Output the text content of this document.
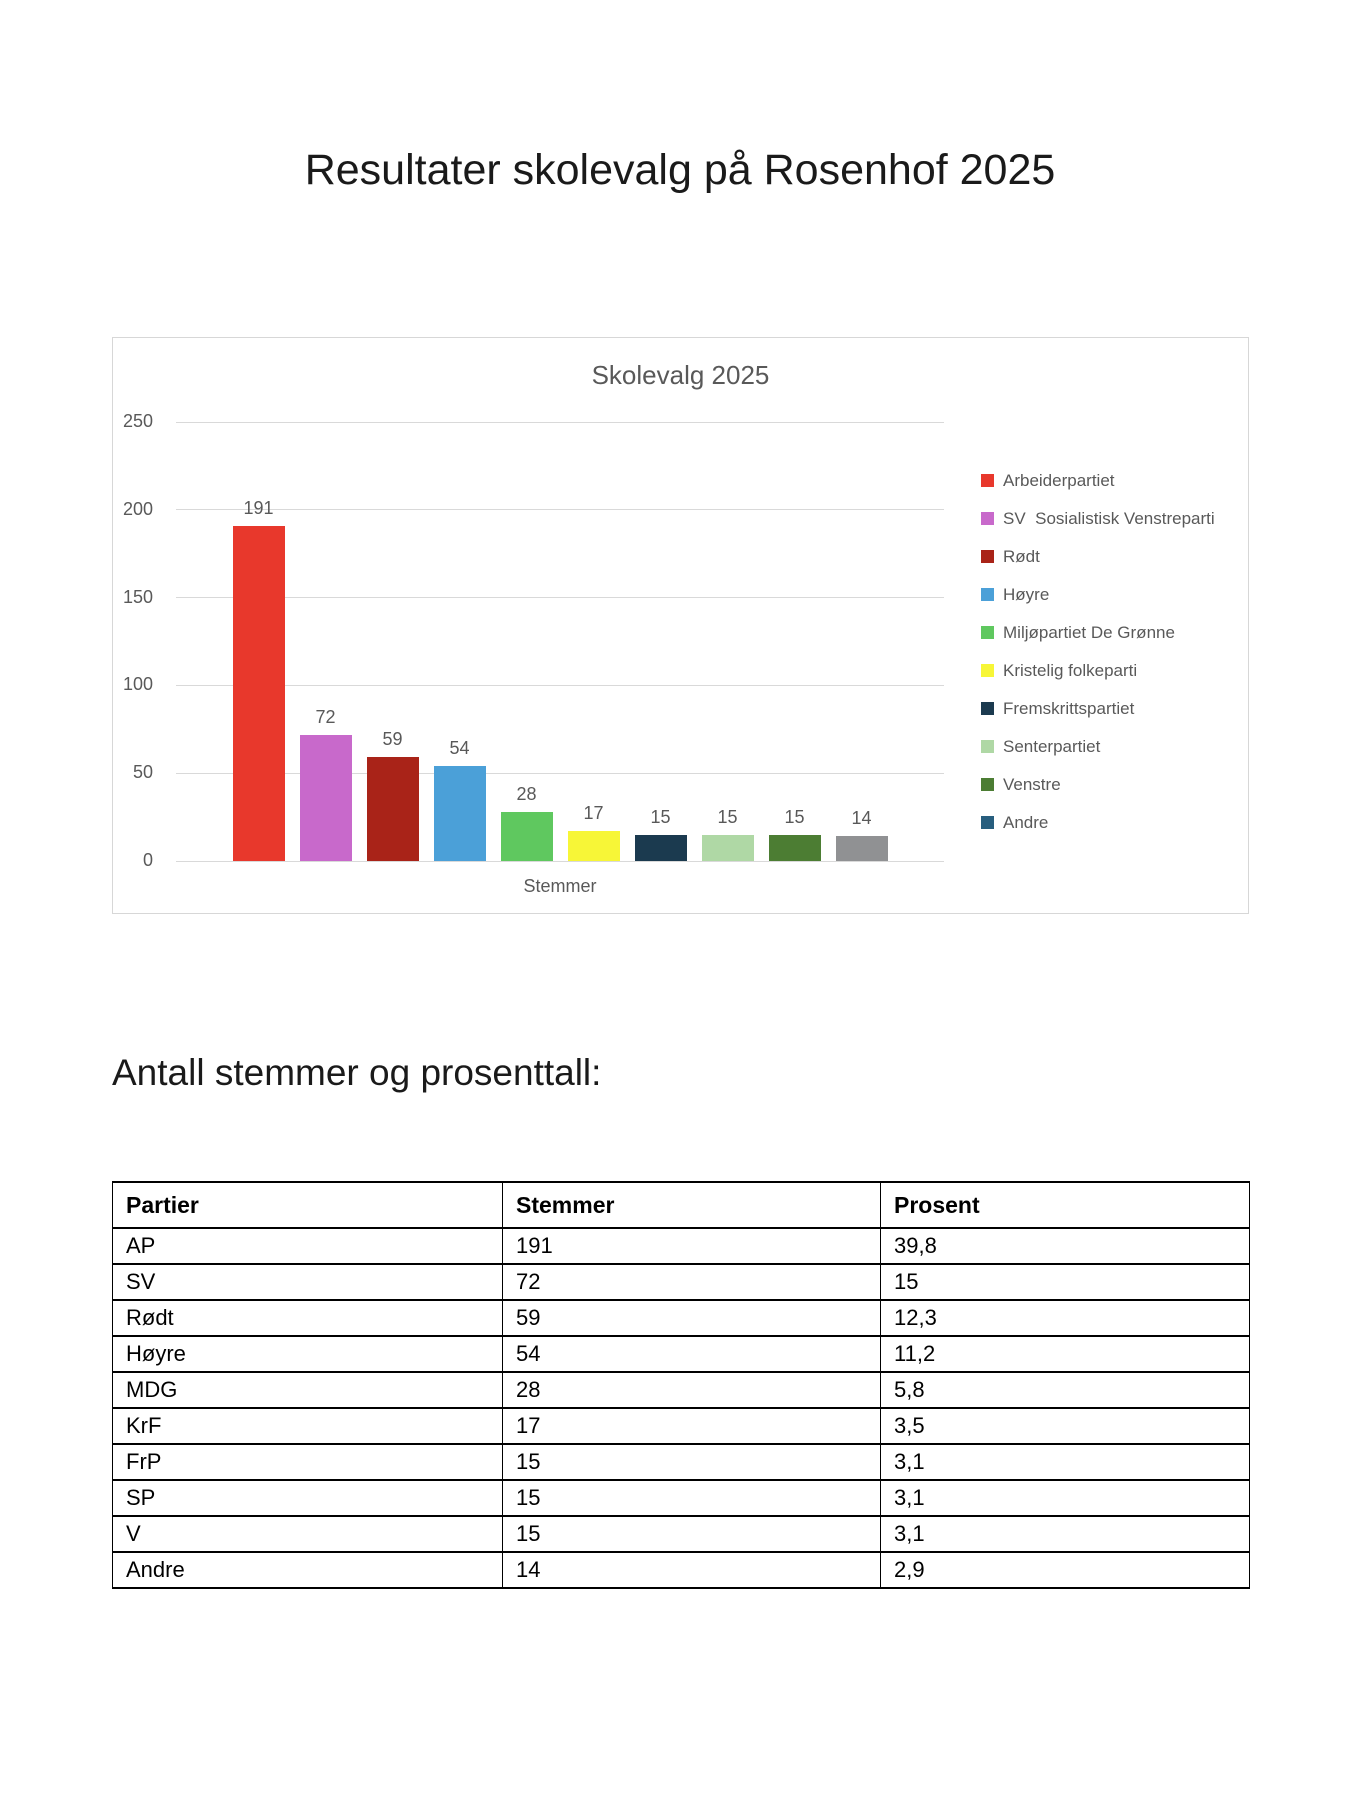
Resultater skolevalg på Rosenhof 2025
Skolevalg 2025
0
50
100
150
200
250
191
72
59	54
28
17	15	15	15	14
Stemmer
Arbeiderpartiet
SV  Sosialistisk Venstreparti
Rødt
Høyre
Miljøpartiet De Grønne
Kristelig folkeparti
Fremskrittspartiet
Senterpartiet
Venstre
Andre
Antall stemmer og prosenttall:
Partier	Stemmer	Prosent
AP	191	39,8
SV	72	15
Rødt	59	12,3
Høyre	54	11,2
MDG	28	5,8
KrF	17	3,5
FrP	15	3,1
SP	15	3,1
V	15	3,1
Andre	14	2,9
